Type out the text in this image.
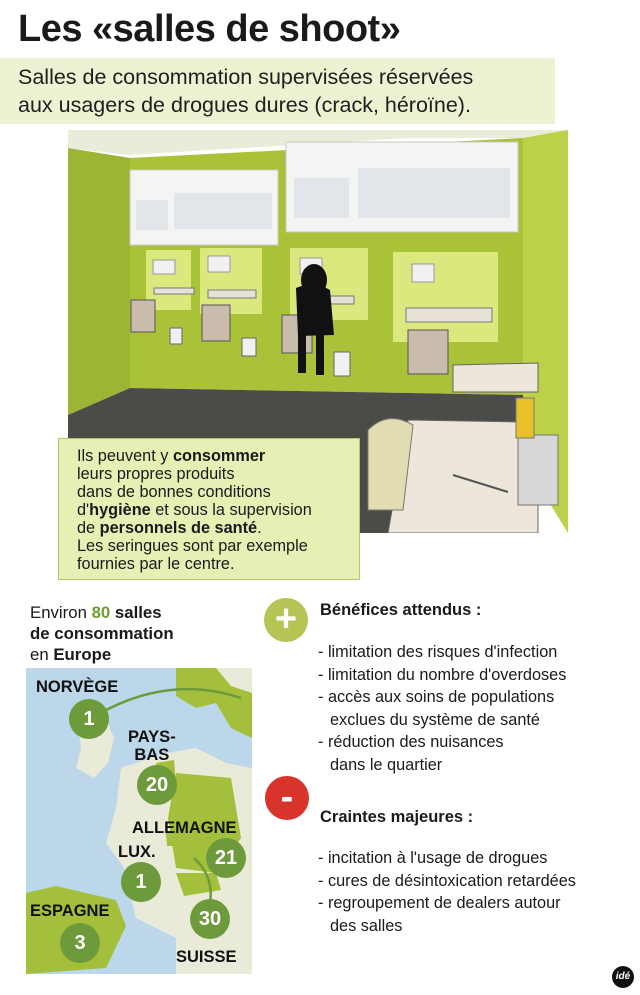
Les «salles de shoot»
Salles de consommation supervisées réservées
aux usagers de drogues dures (crack, héroïne).
Ils peuvent y consommer
leurs propres produits
dans de bonnes conditions
d'hygiène et sous la supervision
de personnels de santé.
Les seringues sont par exemple
fournies par le centre.
Environ 80 salles
de consommation
en Europe
NORVÈGE
1
PAYS-
BAS
20
ALLEMAGNE
21
LUX.
1
ESPAGNE
3
30
SUISSE
+	Bénéfices attendus :
- limitation des risques d'infection
- limitation du nombre d'overdoses
- accès aux soins de populations
exclues du système de santé
- réduction des nuisances
dans le quartier
-	Craintes majeures :
- incitation à l'usage de drogues
- cures de désintoxication retardées
- regroupement de dealers autour
des salles
idé
